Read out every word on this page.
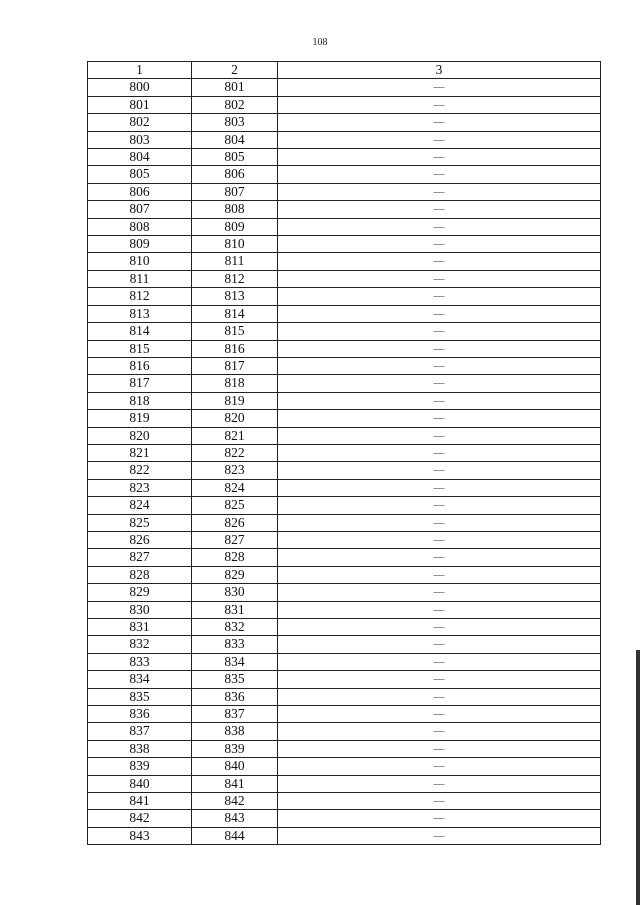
108
1	2	3
800	801	—
801	802	—
802	803	—
803	804	—
804	805	—
805	806	—
806	807	—
807	808	—
808	809	—
809	810	—
810	811	—
811	812	—
812	813	—
813	814	—
814	815	—
815	816	—
816	817	—
817	818	—
818	819	—
819	820	—
820	821	—
821	822	—
822	823	—
823	824	—
824	825	—
825	826	—
826	827	—
827	828	—
828	829	—
829	830	—
830	831	—
831	832	—
832	833	—
833	834	—
834	835	—
835	836	—
836	837	—
837	838	—
838	839	—
839	840	—
840	841	—
841	842	—
842	843	—
843	844	—
